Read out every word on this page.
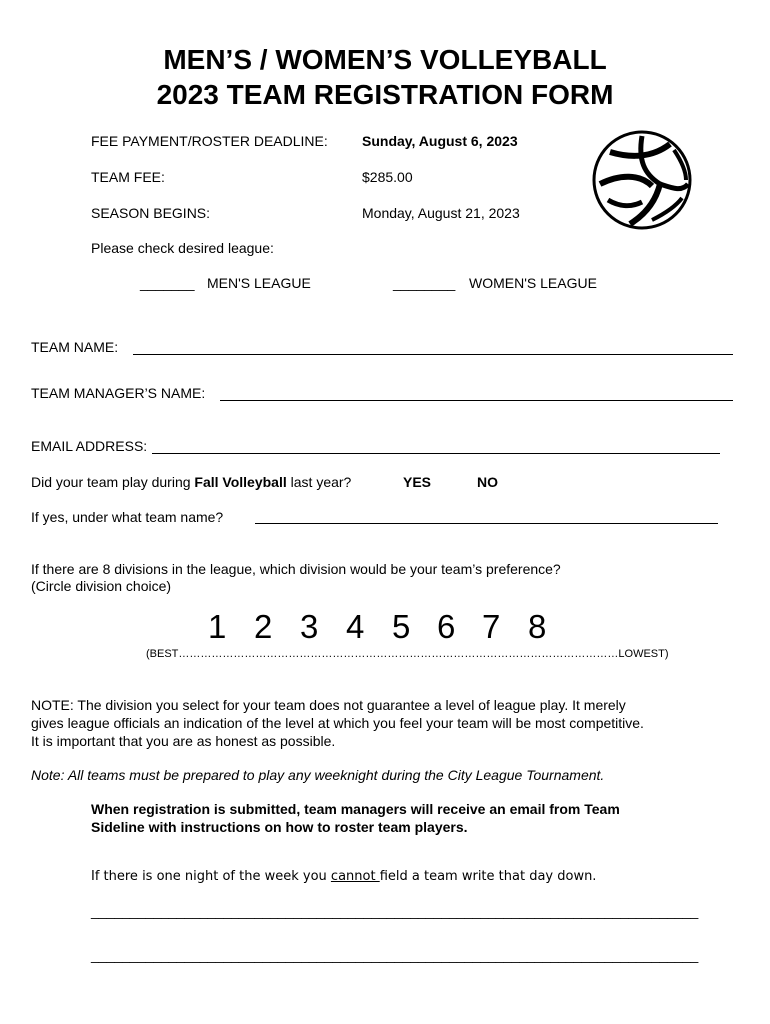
MEN’S / WOMEN’S VOLLEYBALL
2023 TEAM REGISTRATION FORM
FEE PAYMENT/ROSTER DEADLINE: Sunday, August 6, 2023
TEAM FEE:	$285.00
SEASON BEGINS:	Monday, August 21, 2023
Please check desired league:
_______ MEN'S LEAGUE	________ WOMEN'S LEAGUE
TEAM NAME:
TEAM MANAGER’S NAME:
EMAIL ADDRESS:
Did your team play during Fall Volleyball last year?	YES	NO
If yes, under what team name?
If there are 8 divisions in the league, which division would be your team’s preference?
(Circle division choice)
1 2 3 4 5 6 7 8
(BEST…………………………………………………………………………………………………………LOWEST)
NOTE: The division you select for your team does not guarantee a level of league play. It merely
gives league officials an indication of the level at which you feel your team will be most competitive.
It is important that you are as honest as possible.
Note: All teams must be prepared to play any weeknight during the City League Tournament.
When registration is submitted, team managers will receive an email from Team
Sideline with instructions on how to roster team players.
If there is one night of the week you cannot field a team write that day down.
______________________________________________________________________________
______________________________________________________________________________
